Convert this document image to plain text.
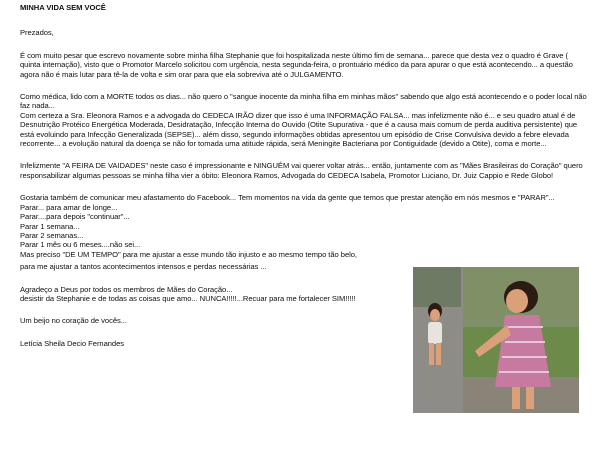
MINHA VIDA SEM VOCÊ
Prezados,
É com muito pesar que escrevo novamente sobre minha filha Stephanie que foi hospitalizada neste último fim de semana... parece que desta vez o quadro é Grave ( quinta internação), visto que o Promotor Marcelo solicitou com urgência, nesta segunda-feira, o prontuário médico da para apurar o que está acontecendo... a questão agora não é mais lutar para tê-la de volta e sim orar para que ela sobreviva até o JULGAMENTO.
Como médica, lido com a MORTE todos os dias... não quero o "sangue inocente da minha filha em minhas mãos" sabendo que algo está acontecendo e o poder local não faz nada...
Com certeza a Sra. Eleonora Ramos e a advogada do CEDECA IRÃO dizer que isso é uma INFORMAÇÃO FALSA... mas infelizmente não é... e seu quadro atual é de Desnutrição Protéico Energética Moderada, Desidratação, Infecção Interna do Ouvido (Otite Supurativa - que é a causa mais comum de perda auditiva persistente) que está evoluindo para Infecção Generalizada (SEPSE)... além disso, segundo informações obtidas apresentou um episódio de Crise Convulsiva devido a febre elevada recorrente... a evolução natural da doença se não for tomada uma atitude rápida, será Meningite Bacteriana por Contiguidade (devido a Otite), coma e morte...
Infelizmente "A FEIRA DE VAIDADES" neste caso é impressionante e NINGUÉM vai querer voltar atrás... então, juntamente com as "Mães Brasileiras do Coração" quero responsabilizar algumas pessoas se minha filha vier a óbito: Eleonora Ramos, Advogada do CEDECA Isabela, Promotor Luciano, Dr. Juiz Cappio e Rede Globo!
Gostaria também de comunicar meu afastamento do Facebook... Tem momentos na vida da gente que temos que prestar atenção em nós mesmos e "PARAR"...
Parar... para amar de longe...
Parar....para depois "continuar"...
Parar 1 semana...
Parar 2 semanas...
Parar 1 mês ou 6 meses....não sei...
Mas preciso "DE UM TEMPO" para me ajustar a esse mundo tão injusto e ao mesmo tempo tão belo,
para me ajustar a tantos acontecimentos intensos e perdas necessárias ...
Agradeço a Deus por todos os membros de Mães do Coração...
desistir da Stephanie e de todas as coisas que amo... NUNCA!!!!!...Recuar para me fortalecer SIM!!!!!
Um beijo no coração de vocês...
Letícia Sheila Decio Fernandes
